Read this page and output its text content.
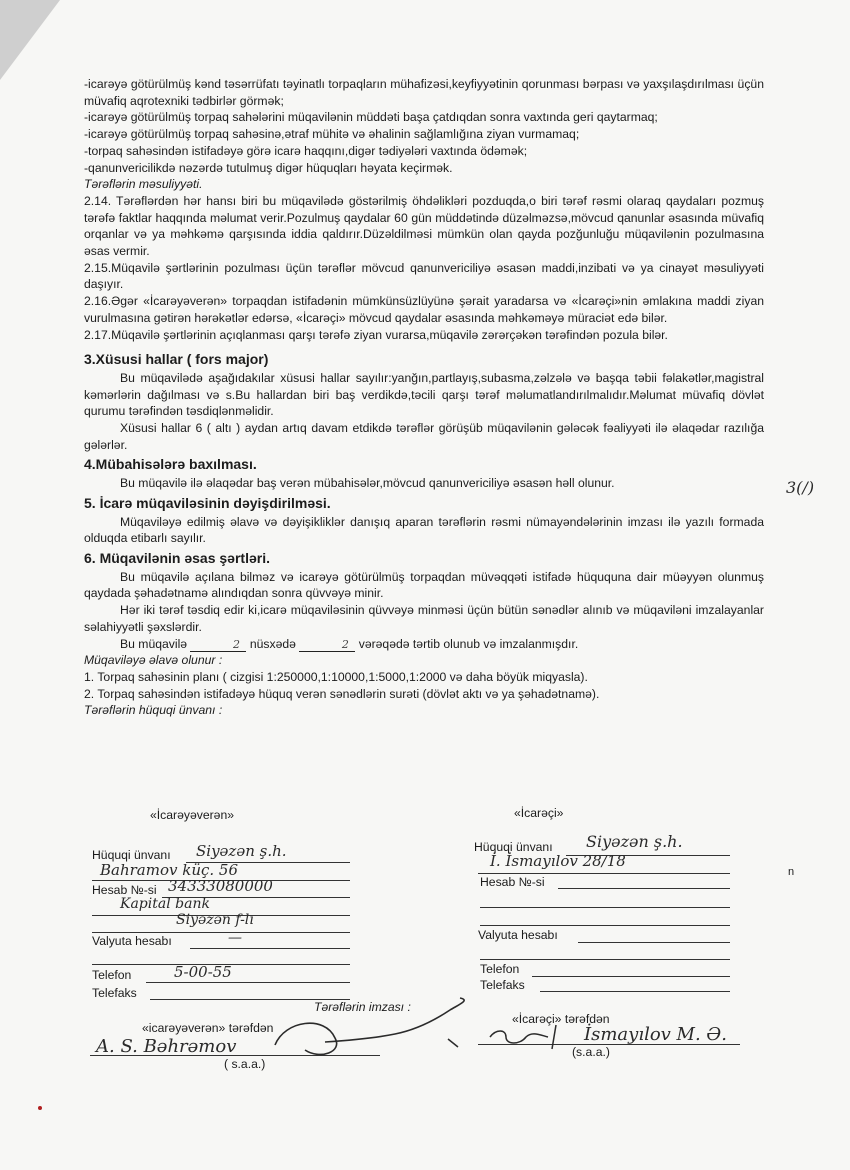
-icarəyə götürülmüş kənd təsərrüfatı təyinatlı torpaqların mühafizəsi,keyfiyyətinin qorunması bərpası və yaxşılaşdırılması üçün müvafiq aqrotexniki tədbirlər görmək;

-icarəyə götürülmüş torpaq sahələrini müqavilənin müddəti başa çatdıqdan sonra vaxtında geri qaytarmaq;

-icarəyə götürülmüş torpaq sahəsinə,ətraf mühitə və əhalinin sağlamlığına ziyan vurmamaq;

-torpaq sahəsindən istifadəyə görə icarə haqqını,digər tədiyələri vaxtında ödəmək;

-qanunvericilikdə nəzərdə tutulmuş digər hüquqları həyata keçirmək.

Tərəflərin məsuliyyəti.

2.14. Tərəflərdən hər hansı biri bu müqavilədə göstərilmiş öhdəlikləri pozduqda,o biri tərəf rəsmi olaraq qaydaları pozmuş tərəfə faktlar haqqında məlumat verir.Pozulmuş qaydalar 60 gün müddətində düzəlməzsə,mövcud qanunlar əsasında müvafiq orqanlar və ya məhkəmə qarşısında iddia qaldırır.Düzəldilməsi mümkün olan qayda pozğunluğu müqavilənin pozulmasına əsas vermir.

2.15.Müqavilə şərtlərinin pozulması üçün tərəflər mövcud qanunvericiliyə əsasən maddi,inzibati və ya cinayət məsuliyyəti daşıyır.

2.16.Əgər «İcarəyəverən» torpaqdan istifadənin mümkünsüzlüyünə şərait yaradarsa və «İcarəçi»nin əmlakına maddi ziyan vurulmasına gətirən hərəkətlər edərsə, «İcarəçi» mövcud qaydalar əsasında məhkəməyə müraciət edə bilər.

2.17.Müqavilə şərtlərinin açıqlanması qarşı tərəfə ziyan vurarsa,müqavilə zərərçəkən tərəfindən pozula bilər.

3.Xüsusi hallar ( fors major)

Bu müqavilədə aşağıdakılar xüsusi hallar sayılır:yanğın,partlayış,subasma,zəlzələ və başqa təbii fəlakətlər,magistral kəmərlərin dağılması və s.Bu hallardan biri baş verdikdə,təcili qarşı tərəf məlumatlandırılmalıdır.Məlumat müvafiq dövlət qurumu tərəfindən təsdiqlənməlidir.

Xüsusi hallar 6 ( altı ) aydan artıq davam etdikdə tərəflər görüşüb müqavilənin gələcək fəaliyyəti ilə əlaqədar razılığa gələrlər.

4.Mübahisələrə baxılması.

Bu müqavilə ilə əlaqədar baş verən mübahisələr,mövcud qanunvericiliyə əsasən həll olunur.

5. İcarə müqaviləsinin dəyişdirilməsi.

Müqaviləyə edilmiş əlavə və dəyişikliklər danışıq aparan tərəflərin rəsmi nümayəndələrinin imzası ilə yazılı formada olduqda etibarlı sayılır.

6. Müqavilənin əsas şərtləri.

Bu müqavilə açılana bilməz və icarəyə götürülmüş torpaqdan müvəqqəti istifadə hüququna dair müəyyən olunmuş qaydada şəhadətnamə alındıqdan sonra qüvvəyə minir.

Hər iki tərəf təsdiq edir ki,icarə müqaviləsinin qüvvəyə minməsi üçün bütün sənədlər alınıb və müqaviləni imzalayanlar səlahiyyətli şəxslərdir.

Bu müqavilə	2 nüsxədə	2 vərəqədə tərtib olunub və imzalanmışdır.

Müqaviləyə əlavə olunur :

1. Torpaq sahəsinin planı ( cizgisi 1:250000,1:10000,1:5000,1:2000 və daha böyük miqyasla).

2. Torpaq sahəsindən istifadəyə hüquq verən sənədlərin surəti (dövlət aktı və ya şəhadətnamə).

Tərəflərin hüquqi ünvanı :

3(/)
n
«İcarəyəverən»
Hüquqi ünvanı Siyəzən ş.h.
Bahramov küç. 56
Hesab №-si 34333080000
Kapital bank
Siyəzən f-lı
Valyuta hesabı	—
Telefon	5-00-55
Telefaks
«İcarəçi»
Hüquqi ünvanı Siyəzən ş.h.
İ. İsmayılov 28/18
Hesab №-si
Valyuta hesabı
Telefon
Telefaks
Tərəflərin imzası :
«icarəyəverən» tərəfdən
A. S. Bəhrəmov
( s.a.a.)
«İcarəçi» tərəfdən
İsmayılov M. Ə.
(s.a.a.)
